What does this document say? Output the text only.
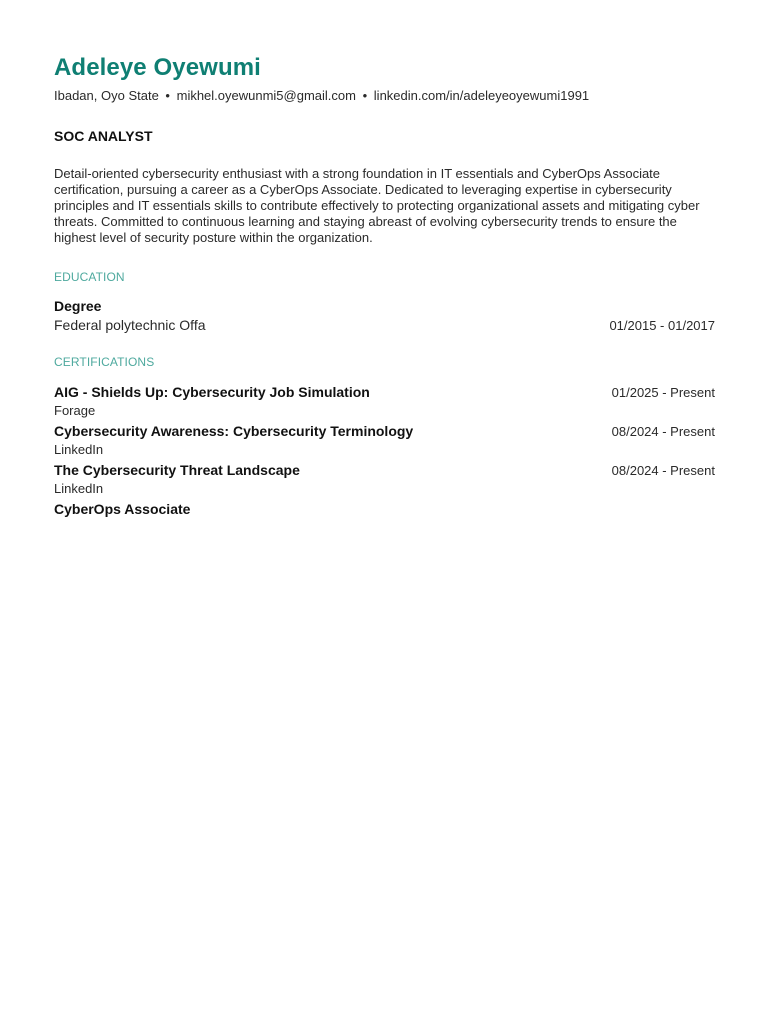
Adeleye Oyewumi
Ibadan, Oyo State • mikhel.oyewunmi5@gmail.com • linkedin.com/in/adeleyeoyewumi1991
SOC ANALYST
Detail-oriented cybersecurity enthusiast with a strong foundation in IT essentials and CyberOps Associate certification, pursuing a career as a CyberOps Associate. Dedicated to leveraging expertise in cybersecurity principles and IT essentials skills to contribute effectively to protecting organizational assets and mitigating cyber threats. Committed to continuous learning and staying abreast of evolving cybersecurity trends to ensure the highest level of security posture within the organization.
EDUCATION
Degree
Federal polytechnic Offa	01/2015 - 01/2017
CERTIFICATIONS
AIG - Shields Up: Cybersecurity Job Simulation	01/2025 - Present
Forage
Cybersecurity Awareness: Cybersecurity Terminology	08/2024 - Present
LinkedIn
The Cybersecurity Threat Landscape	08/2024 - Present
LinkedIn
CyberOps Associate
